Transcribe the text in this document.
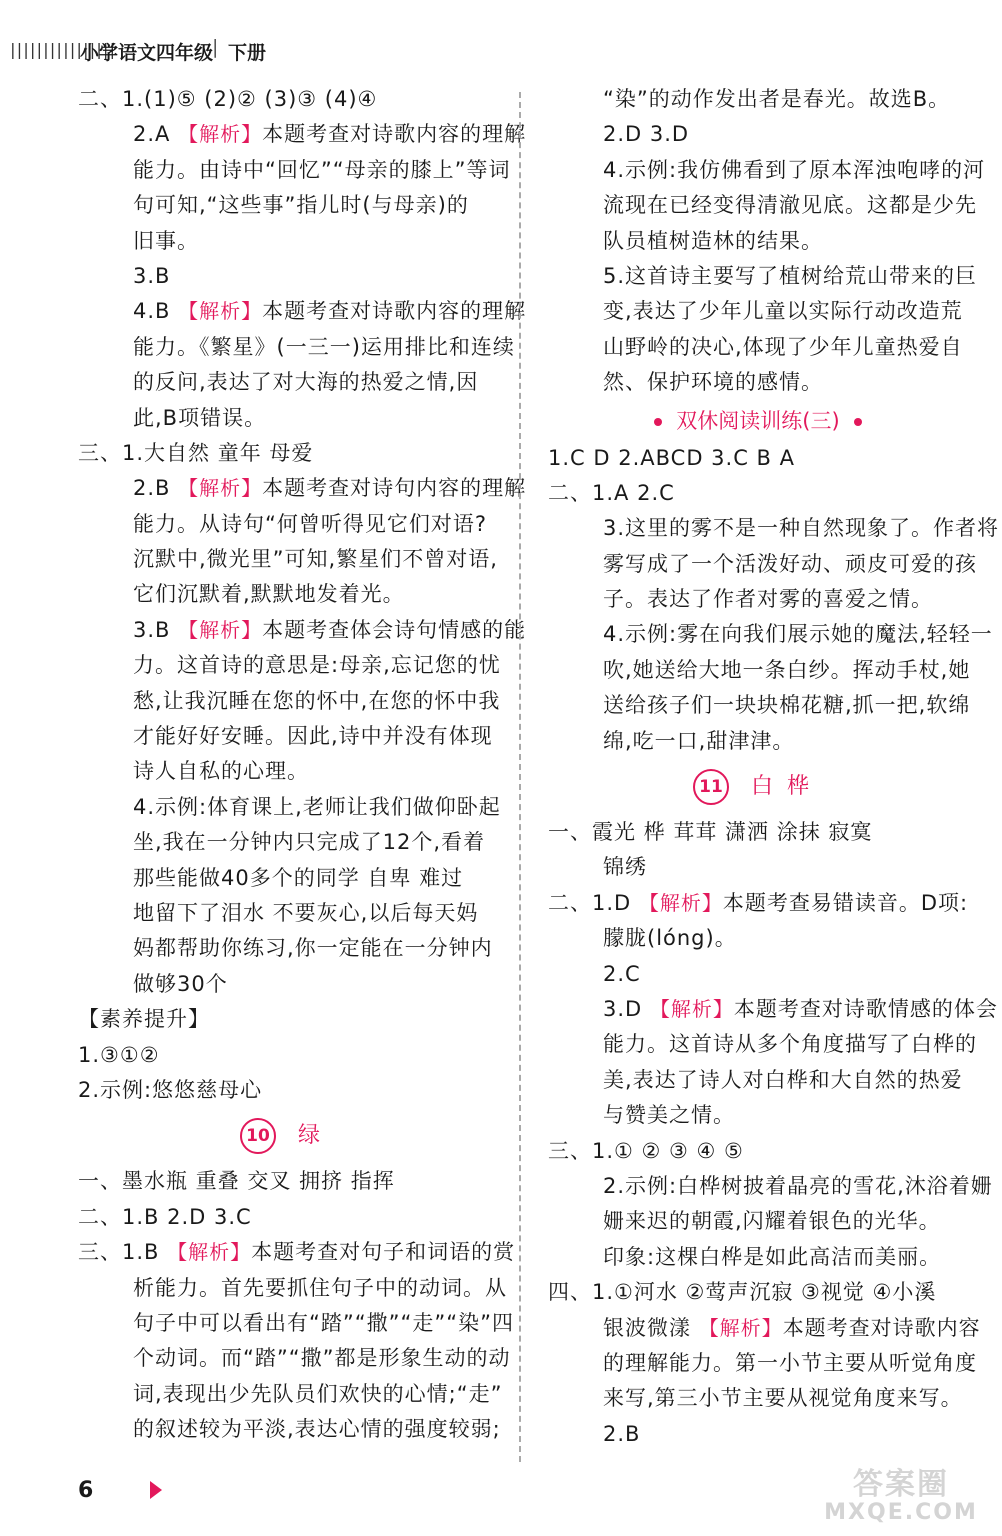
||||||||||||||||
小学语文四年级
| 下册
二、1.(1)⑤ (2)② (3)③ (4)④
2.A 【解析】本题考查对诗歌内容的理解
能力。由诗中“回忆”“母亲的膝上”等词
句可知,“这些事”指儿时(与母亲)的
旧事。
3.B
4.B 【解析】本题考查对诗歌内容的理解
能力。《繁星》(一三一)运用排比和连续
的反问,表达了对大海的热爱之情,因
此,B项错误。
三、1.大自然 童年 母爱
2.B 【解析】本题考查对诗句内容的理解
能力。从诗句“何曾听得见它们对语?
沉默中,微光里”可知,繁星们不曾对语,
它们沉默着,默默地发着光。
3.B 【解析】本题考查体会诗句情感的能
力。这首诗的意思是:母亲,忘记您的忧
愁,让我沉睡在您的怀中,在您的怀中我
才能好好安睡。因此,诗中并没有体现
诗人自私的心理。
4.示例:体育课上,老师让我们做仰卧起
坐,我在一分钟内只完成了12个,看着
那些能做40多个的同学 自卑 难过
地留下了泪水 不要灰心,以后每天妈
妈都帮助你练习,你一定能在一分钟内
做够30个
【素养提升】
1.③①②
2.示例:悠悠慈母心
10 绿
一、墨水瓶 重叠 交叉 拥挤 指挥
二、1.B 2.D 3.C
三、1.B 【解析】本题考查对句子和词语的赏
析能力。首先要抓住句子中的动词。从
句子中可以看出有“踏”“撒”“走”“染”四
个动词。而“踏”“撒”都是形象生动的动
词,表现出少先队员们欢快的心情;“走”
的叙述较为平淡,表达心情的强度较弱;
“染”的动作发出者是春光。故选B。
2.D 3.D
4.示例:我仿佛看到了原本浑浊咆哮的河
流现在已经变得清澈见底。这都是少先
队员植树造林的结果。
5.这首诗主要写了植树给荒山带来的巨
变,表达了少年儿童以实际行动改造荒
山野岭的决心,体现了少年儿童热爱自
然、保护环境的感情。
双休阅读训练(三)
1.C D 2.ABCD 3.C B A
二、1.A 2.C
3.这里的雾不是一种自然现象了。作者将
雾写成了一个活泼好动、顽皮可爱的孩
子。表达了作者对雾的喜爱之情。
4.示例:雾在向我们展示她的魔法,轻轻一
吹,她送给大地一条白纱。挥动手杖,她
送给孩子们一块块棉花糖,抓一把,软绵
绵,吃一口,甜津津。
11 白桦
一、霞光 桦 茸茸 潇洒 涂抹 寂寞
锦绣
二、1.D 【解析】本题考查易错读音。D项:
朦胧(lóng)。
2.C
3.D 【解析】本题考查对诗歌情感的体会
能力。这首诗从多个角度描写了白桦的
美,表达了诗人对白桦和大自然的热爱
与赞美之情。
三、1.① ② ③ ④ ⑤
2.示例:白桦树披着晶亮的雪花,沐浴着姗
姗来迟的朝霞,闪耀着银色的光华。
印象:这棵白桦是如此高洁而美丽。
四、1.①河水 ②莺声沉寂 ③视觉 ④小溪
银波微漾 【解析】本题考查对诗歌内容
的理解能力。第一小节主要从听觉角度
来写,第三小节主要从视觉角度来写。
2.B
6	答案圈
MXQE.COM
